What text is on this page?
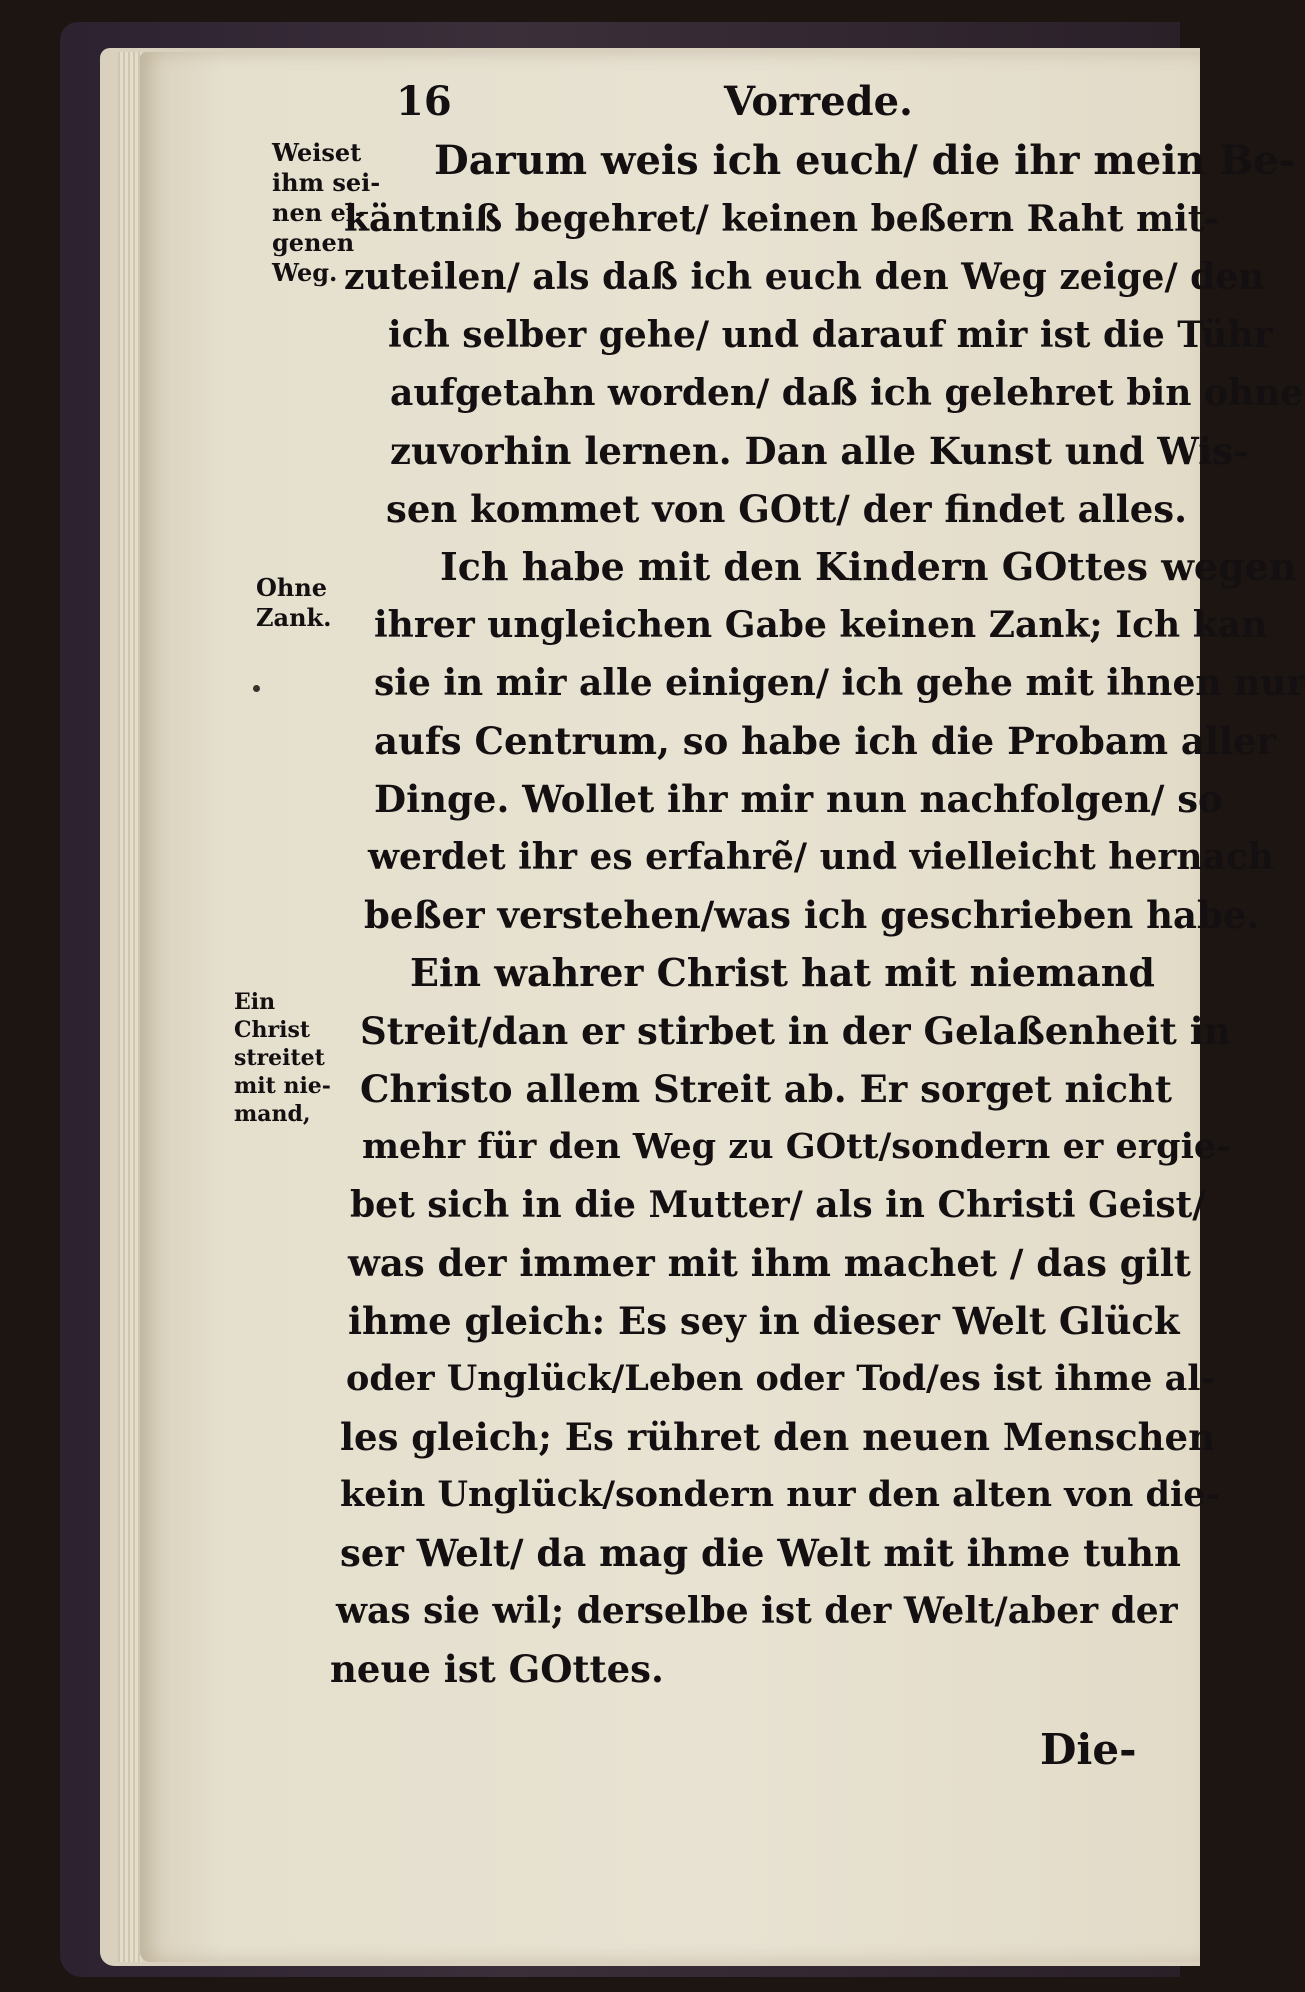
16	Vorrede.
Weiset
ihm sei-
nen ei-
genen
Weg.
Ohne
Zank.
Ein
Christ
streitet
mit nie-
mand,
Darum weis ich euch/ die ihr mein Be-
käntniß begehret/ keinen beßern Raht mit-
zuteilen/ als daß ich euch den Weg zeige/ den
ich selber gehe/ und darauf mir ist die Tühr
aufgetahn worden/ daß ich gelehret bin ohne
zuvorhin lernen. Dan alle Kunst und Wis-
sen kommet von GOtt/ der findet alles.
Ich habe mit den Kindern GOttes wegen
ihrer ungleichen Gabe keinen Zank; Ich kan
sie in mir alle einigen/ ich gehe mit ihnen nur
aufs Centrum, so habe ich die Probam aller
Dinge. Wollet ihr mir nun nachfolgen/ so
werdet ihr es erfahrẽ/ und vielleicht hernach
beßer verstehen/was ich geschrieben habe.
Ein wahrer Christ hat mit niemand
Streit/dan er stirbet in der Gelaßenheit in
Christo allem Streit ab. Er sorget nicht
mehr für den Weg zu GOtt/sondern er ergie-
bet sich in die Mutter/ als in Christi Geist/
was der immer mit ihm machet / das gilt
ihme gleich: Es sey in dieser Welt Glück
oder Unglück/Leben oder Tod/es ist ihme al-
les gleich; Es rühret den neuen Menschen
kein Unglück/sondern nur den alten von die-
ser Welt/ da mag die Welt mit ihme tuhn
was sie wil; derselbe ist der Welt/aber der
neue ist GOttes.
Die-
